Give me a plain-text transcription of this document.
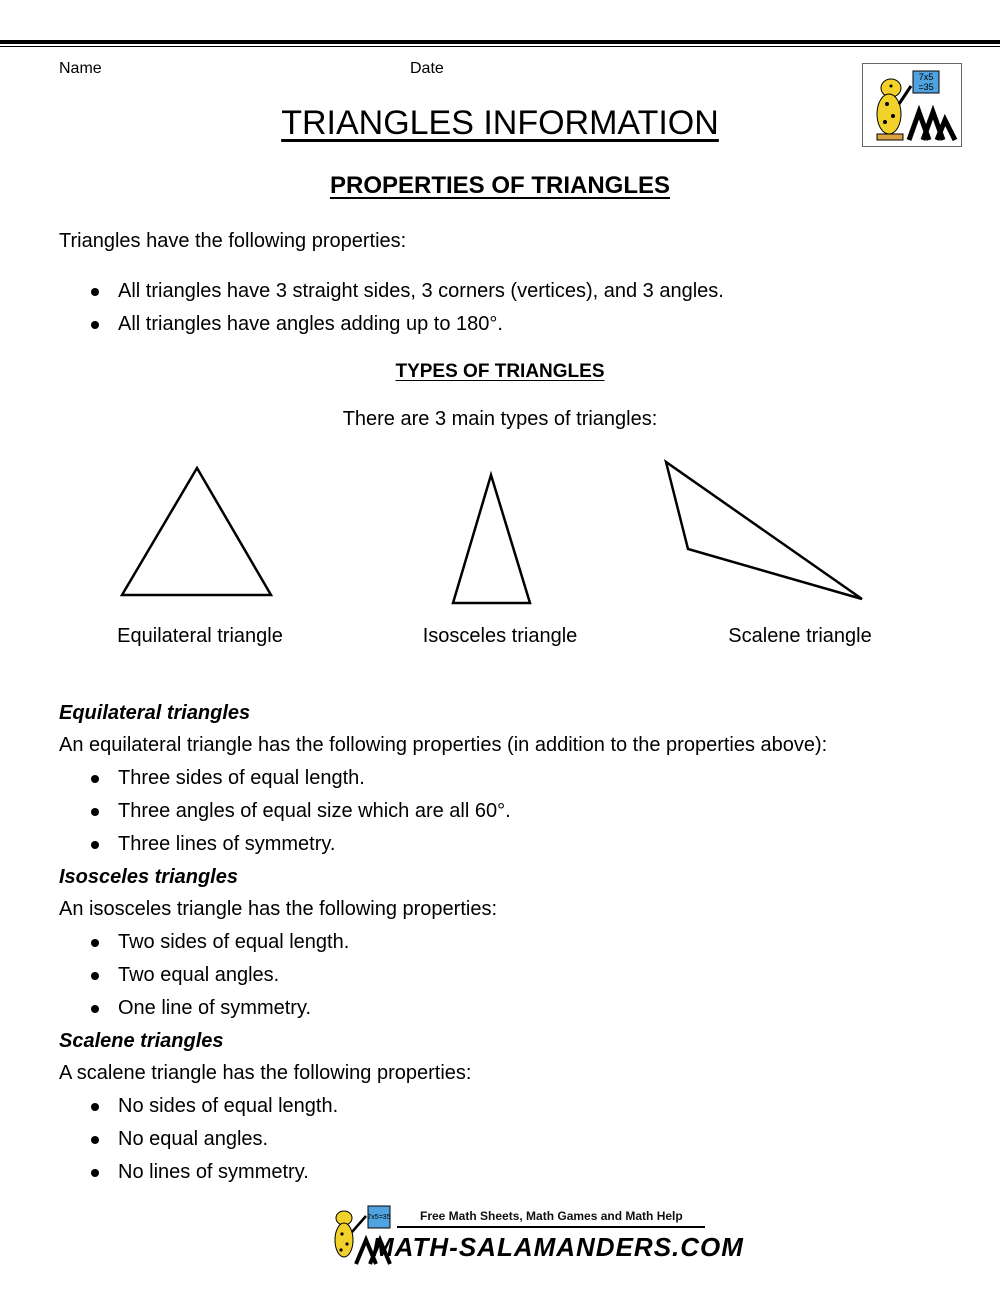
Name	Date	7x5
=35
TRIANGLES INFORMATION
PROPERTIES OF TRIANGLES
Triangles have the following properties:
All triangles have 3 straight sides, 3 corners (vertices), and 3 angles.
All triangles have angles adding up to 180°.
TYPES OF TRIANGLES
There are 3 main types of triangles:
Equilateral triangle	Isosceles triangle	Scalene triangle
Equilateral triangles
An equilateral triangle has the following properties (in addition to the properties above):
Three sides of equal length.
Three angles of equal size which are all 60°.
Three lines of symmetry.
Isosceles triangles
An isosceles triangle has the following properties:
Two sides of equal length.
Two equal angles.
One line of symmetry.
Scalene triangles
A scalene triangle has the following properties:
No sides of equal length.
No equal angles.
No lines of symmetry.
7x5=35 Free Math Sheets, Math Games and Math Help
MATH-SALAMANDERS.COM
